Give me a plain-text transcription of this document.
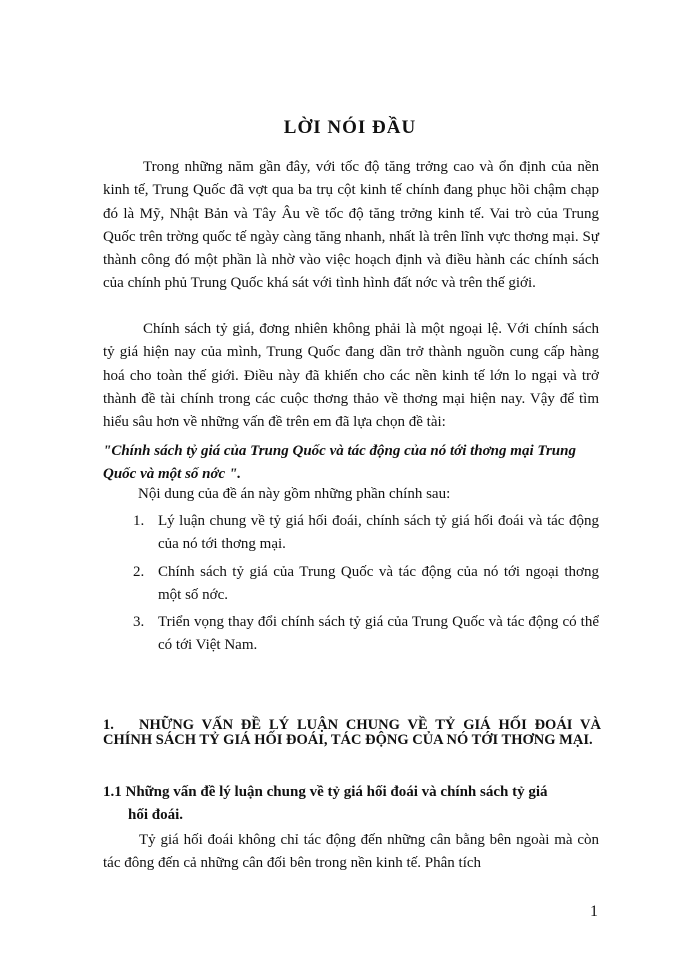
LỜI NÓI ĐẦU

Trong những năm gần đây, với tốc độ tăng trởng cao và ổn định của nền kinh tế, Trung Quốc đã vợt qua ba trụ cột kinh tế chính đang phục hồi chậm chạp đó là Mỹ, Nhật Bản và Tây Âu về tốc độ tăng trởng kinh tế. Vai trò của Trung Quốc trên trờng quốc tế ngày càng tăng nhanh, nhất là trên lĩnh vực thơng mại. Sự thành công đó một phần là nhờ vào việc hoạch định và điều hành các chính sách của chính phủ Trung Quốc khá sát với tình hình đất nớc và trên thế giới.

Chính sách tỷ giá, đơng nhiên không phải là một ngoại lệ. Với chính sách tỷ giá hiện nay của mình, Trung Quốc đang dần trở thành nguồn cung cấp hàng hoá cho toàn thế giới. Điều này đã khiến cho các nền kinh tế lớn lo ngại và trở thành đề tài chính trong các cuộc thơng thảo về thơng mại hiện nay. Vậy để tìm hiểu sâu hơn về những vấn đề trên em đã lựa chọn đề tài:

"Chính sách tỷ giá của Trung Quốc và tác động của nó tới thơng mại Trung Quốc và một số nớc ".

Nội dung của đề án này gồm những phần chính sau:

1. Lý luận chung về tỷ giá hối đoái, chính sách tỷ giá hối đoái và tác động của nó tới thơng mại.
2. Chính sách tỷ giá của Trung Quốc và tác động của nó tới ngoại thơng một số nớc.
3. Triển vọng thay đổi chính sách tỷ giá của Trung Quốc và tác động có thể có tới Việt Nam.

1. NHỮNG VẤN ĐỀ LÝ LUẬN CHUNG VỀ TỶ GIÁ HỐI ĐOÁI VÀ CHÍNH SÁCH TỶ GIÁ HỐI ĐOÁI, TÁC ĐỘNG CỦA NÓ TỚI THƠNG MẠI.

1.1 Những vấn đề lý luận chung về tỷ giá hối đoái và chính sách tỷ giá
hối đoái.

Tỷ giá hối đoái không chỉ tác động đến những cân bằng bên ngoài mà còn tác đông đến cả những cân đối bên trong nền kinh tế. Phân tích

1
